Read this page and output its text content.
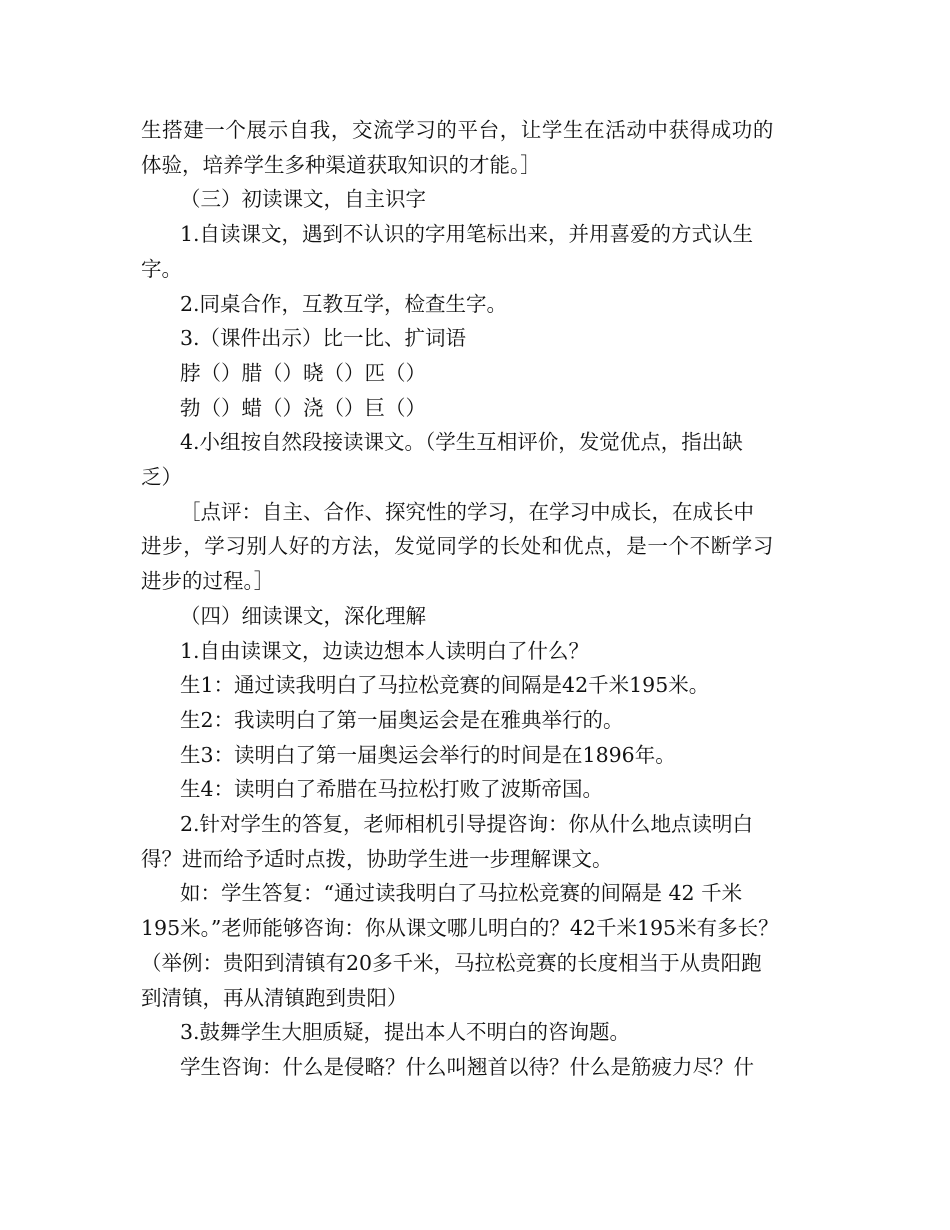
生搭建一个展示自我，交流学习的平台，让学生在活动中获得成功的

体验，培养学生多种渠道获取知识的才能。］

（三）初读课文，自主识字

1.自读课文，遇到不认识的字用笔标出来，并用喜爱的方式认生

字。

2.同桌合作，互教互学，检查生字。

3.（课件出示）比一比、扩词语

脖（）腊（）晓（）匹（）

勃（）蜡（）浇（）巨（）

4.小组按自然段接读课文。（学生互相评价，发觉优点，指出缺

乏）

［点评：自主、合作、探究性的学习，在学习中成长，在成长中

进步，学习别人好的方法，发觉同学的长处和优点，是一个不断学习

进步的过程。］

（四）细读课文，深化理解

1.自由读课文，边读边想本人读明白了什么？

生1：通过读我明白了马拉松竞赛的间隔是42千米195米。

生2：我读明白了第一届奥运会是在雅典举行的。

生3：读明白了第一届奥运会举行的时间是在1896年。

生4：读明白了希腊在马拉松打败了波斯帝国。

2.针对学生的答复，老师相机引导提咨询：你从什么地点读明白

得？进而给予适时点拨，协助学生进一步理解课文。

如：学生答复：“通过读我明白了马拉松竞赛的间隔是 42 千米

195米。”老师能够咨询：你从课文哪儿明白的？42千米195米有多长？

（举例：贵阳到清镇有20多千米，马拉松竞赛的长度相当于从贵阳跑

到清镇，再从清镇跑到贵阳）

3.鼓舞学生大胆质疑，提出本人不明白的咨询题。

学生咨询：什么是侵略？什么叫翘首以待？什么是筋疲力尽？什
